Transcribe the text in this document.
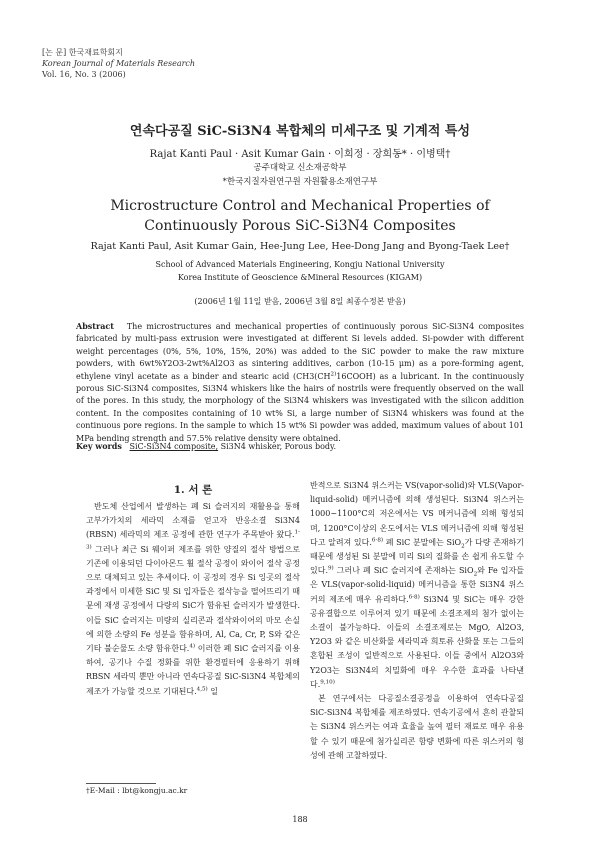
[논 문] 한국재료학회지
Korean Journal of Materials Research
Vol. 16, No. 3 (2006)
연속다공질 SiC-Si3N4 복합체의 미세구조 및 기계적 특성
Rajat Kanti Paul · Asit Kumar Gain · 이희정 · 장희동* · 이병택†
공주대학교 신소재공학부
*한국지질자원연구원 자원활용소재연구부
Microstructure Control and Mechanical Properties of
Continuously Porous SiC-Si3N4 Composites
Rajat Kanti Paul, Asit Kumar Gain, Hee-Jung Lee, Hee-Dong Jang and Byong-Taek Lee†
School of Advanced Materials Engineering, Kongju National University
Korea Institute of Geoscience &Mineral Resources (KIGAM)
(2006년 1월 11일 받음, 2006년 3월 8일 최종수정본 받음)
Abstract The microstructures and mechanical properties of continuously porous SiC-Si3N4 composites fabricated by multi-pass extrusion were investigated at different Si levels added. Si-powder with different weight percentages (0%, 5%, 10%, 15%, 20%) was added to the SiC powder to make the raw mixture powders, with 6wt%Y2O3-2wt%Al2O3 as sintering additives, carbon (10-15 μm) as a pore-forming agent, ethylene vinyl acetate as a binder and stearic acid (CH3(CH$^{2)}$16COOH) as a lubricant. In the continuously porous SiC-Si3N4 composites, Si3N4 whiskers like the hairs of nostrils were frequently observed on the wall of the pores. In this study, the morphology of the Si3N4 whiskers was investigated with the silicon addition content. In the composites containing of 10 wt% Si, a large number of Si3N4 whiskers was found at the continuous pore regions. In the sample to which 15 wt% Si powder was added, maximum values of about 101 MPa bending strength and 57.5% relative density were obtained.
Key words SiC-Si3N4 composite, Si3N4 whisker, Porous body.
1. 서 론

반도체 산업에서 발생하는 폐 Si 슬러지의 재활용을 통해 고부가가치의 세라믹 소재를 얻고자 반응소결 Si3N4 (RBSN) 세라믹의 제조 공정에 관한 연구가 주목받아 왔다.$^{1-3)}$ 그러나 최근 Si 웨이퍼 제조를 위한 양질의 절삭 방법으로 기존에 이용되던 다이아몬드 휠 절삭 공정이 와이어 절삭 공정으로 대체되고 있는 추세이다. 이 공정의 경우 Si 잉곳의 절삭 과정에서 미세한 SiC 및 Si 입자들은 절삭능을 떨어뜨리기 때문에 재생 공정에서 다량의 SiC가 함유된 슬러지가 발생한다. 이들 SiC 슬러지는 미량의 실리콘과 절삭와이어의 마모 손실에 의한 소량의 Fe 성분을 함유하며, Al, Ca, Cr, P, S와 같은 기타 불순물도 소량 함유한다.$^{4)}$ 이러한 폐 SiC 슬러지를 이용하여, 공기나 수질 정화를 위한 환경필터에 응용하기 위해 RBSN 세라믹 뿐만 아니라 연속다공질 SiC-Si3N4 복합체의 제조가 가능할 것으로 기대된다.$^{4,5)}$ 일

반적으로 Si3N4 위스커는 VS(vapor-solid)와 VLS(Vapor-liquid-solid) 메커니즘에 의해 생성된다. Si3N4 위스커는 1000~1100°C의 저온에서는 VS 메커니즘에 의해 형성되며, 1200°C이상의 온도에서는 VLS 메커니즘에 의해 형성된다고 알려져 있다.$^{6-8)}$ 폐 SiC 분말에는 SiO$_2$가 다량 존재하기 때문에 생성된 Si 분말에 미리 Si의 질화를 손 쉽게 유도할 수 있다.$^{9)}$ 그러나 폐 SiC 슬러지에 존재하는 SiO$_2$와 Fe 입자들은 VLS(vapor-solid-liquid) 메커니즘을 통한 Si3N4 위스커의 제조에 매우 유리하다.$^{6-8)}$ Si3N4 및 SiC는 매우 강한 공유결합으로 이루어져 있기 때문에 소결조제의 첨가 없이는 소결이 불가능하다. 이들의 소결조제로는 MgO, Al2O3, Y2O3 와 같은 비산화물 세라믹과 희토류 산화물 또는 그들의 혼합된 조성이 일반적으로 사용된다. 이들 중에서 Al2O3와 Y2O3는 Si3N4의 치밀화에 매우 우수한 효과를 나타낸다.$^{9,10)}$

본 연구에서는 다공질소결공정을 이용하여 연속다공질 SiC-Si3N4 복합체를 제조하였다. 연속기공에서 흔히 관찰되는 Si3N4 위스커는 여과 효율을 높여 필터 재료로 매우 유용할 수 있기 때문에 첨가실리콘 함량 변화에 따른 위스커의 형성에 관해 고찰하였다.

†E-Mail : lbt@kongju.ac.kr
188
